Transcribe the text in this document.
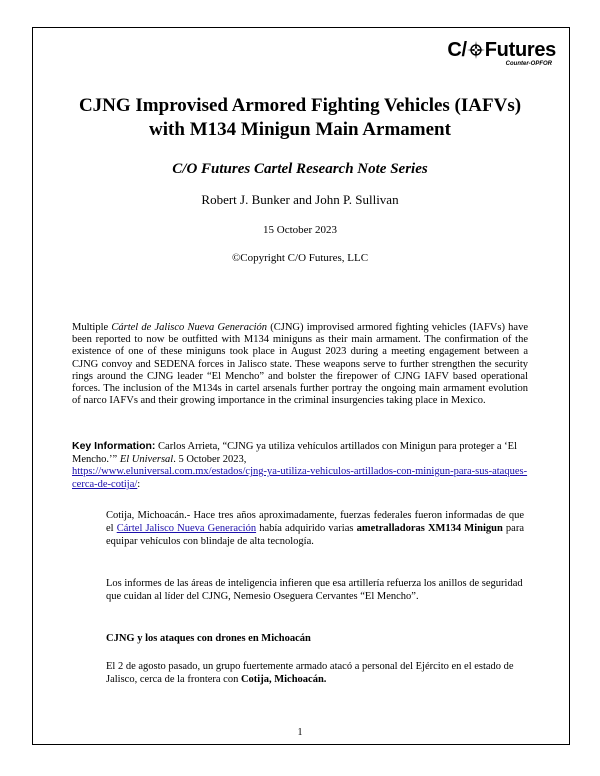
C/ Futures
Counter-OPFOR
CJNG Improvised Armored Fighting Vehicles (IAFVs) with M134 Minigun Main Armament
C/O Futures Cartel Research Note Series
Robert J. Bunker and John P. Sullivan
15 October 2023
©Copyright C/O Futures, LLC
Multiple Cártel de Jalisco Nueva Generación (CJNG) improvised armored fighting vehicles (IAFVs) have been reported to now be outfitted with M134 miniguns as their main armament. The confirmation of the existence of one of these miniguns took place in August 2023 during a meeting engagement between a CJNG convoy and SEDENA forces in Jalisco state. These weapons serve to further strengthen the security rings around the CJNG leader “El Mencho” and bolster the firepower of CJNG IAFV based operational forces. The inclusion of the M134s in cartel arsenals further portray the ongoing main armament evolution of narco IAFVs and their growing importance in the criminal insurgencies taking place in Mexico.
Key Information: Carlos Arrieta, “CJNG ya utiliza vehículos artillados con Minigun para proteger a ‘El Mencho.’” El Universal. 5 October 2023,
https://www.eluniversal.com.mx/estados/cjng-ya-utiliza-vehiculos-artillados-con-minigun-para-sus-ataques-cerca-de-cotija/:
Cotija, Michoacán.- Hace tres años aproximadamente, fuerzas federales fueron informadas de que el Cártel Jalisco Nueva Generación había adquirido varias ametralladoras XM134 Minigun para equipar vehículos con blindaje de alta tecnología.
Los informes de las áreas de inteligencia infieren que esa artillería refuerza los anillos de seguridad que cuidan al líder del CJNG, Nemesio Oseguera Cervantes “El Mencho”.
CJNG y los ataques con drones en Michoacán
El 2 de agosto pasado, un grupo fuertemente armado atacó a personal del Ejército en el estado de Jalisco, cerca de la frontera con Cotija, Michoacán.
1
